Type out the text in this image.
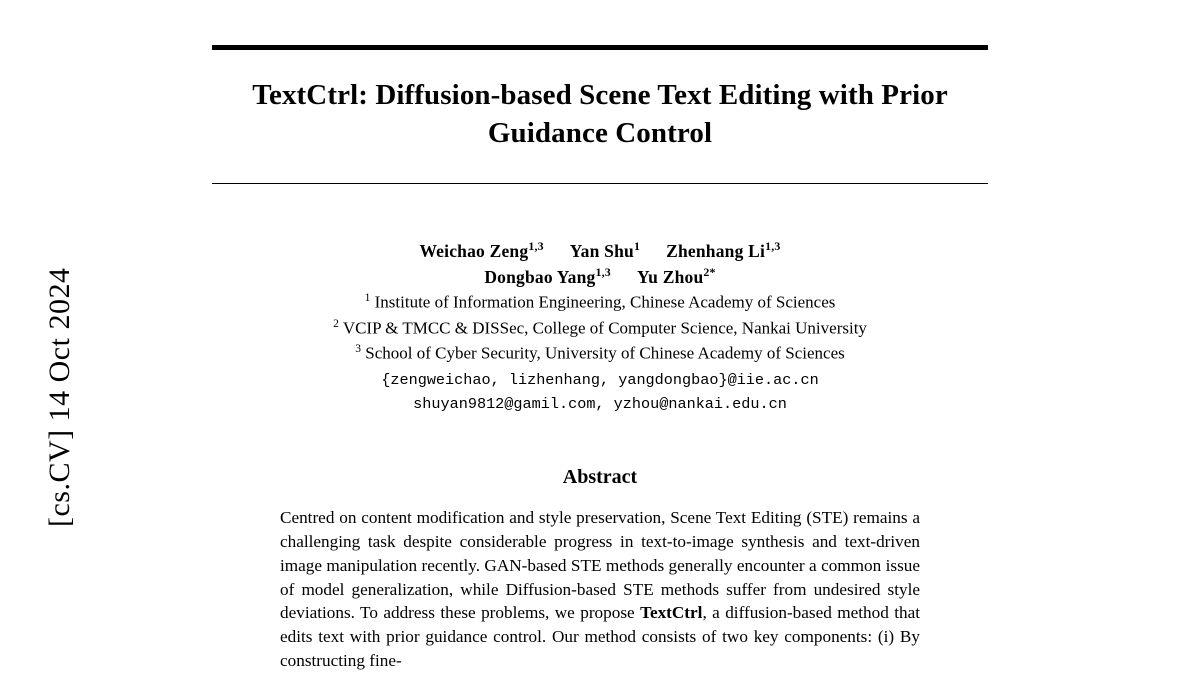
[cs.CV] 14 Oct 2024
TextCtrl: Diffusion-based Scene Text Editing with Prior Guidance Control
Weichao Zeng$^{1,3}$ Yan Shu$^1$ Zhenhang Li$^{1,3}$
Dongbao Yang$^{1,3}$ Yu Zhou$^{2*}$
$^1$ Institute of Information Engineering, Chinese Academy of Sciences
$^2$ VCIP & TMCC & DISSec, College of Computer Science, Nankai University
$^3$ School of Cyber Security, University of Chinese Academy of Sciences
{zengweichao, lizhenhang, yangdongbao}@iie.ac.cn
shuyan9812@gamil.com, yzhou@nankai.edu.cn
Abstract
Centred on content modification and style preservation, Scene Text Editing (STE) remains a challenging task despite considerable progress in text-to-image synthesis and text-driven image manipulation recently. GAN-based STE methods generally encounter a common issue of model generalization, while Diffusion-based STE methods suffer from undesired style deviations. To address these problems, we propose TextCtrl, a diffusion-based method that edits text with prior guidance control. Our method consists of two key components: (i) By constructing fine-
